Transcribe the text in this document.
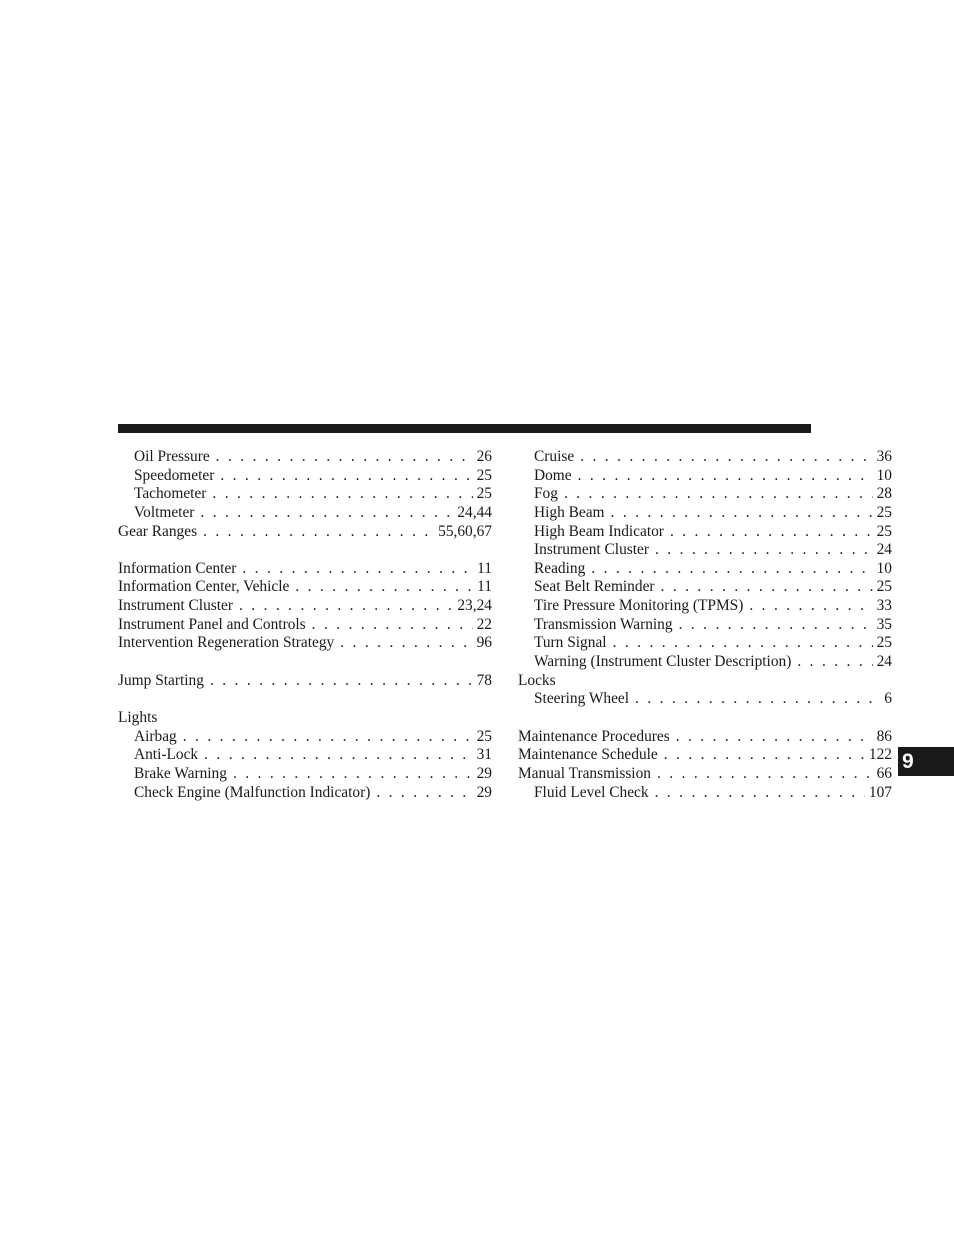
Oil Pressure . . .	26
Speedometer . . .	25
Tachometer . . .	25
Voltmeter . . .	24,44
Gear Ranges . . .	55,60,67
Information Center . . .	11
Information Center, Vehicle . . .	11
Instrument Cluster . . .	23,24
Instrument Panel and Controls . . .	22
Intervention Regeneration Strategy . . .	96
Jump Starting . . .	78
Lights
Airbag . . .	25
Anti-Lock . . .	31
Brake Warning . . .	29
Check Engine (Malfunction Indicator) . . .	29
Cruise . . .	36
Dome . . .	10
Fog . . .	28
High Beam . . .	25
High Beam Indicator . . .	25
Instrument Cluster . . .	24
Reading . . .	10
Seat Belt Reminder . . .	25
Tire Pressure Monitoring (TPMS) . . .	33
Transmission Warning . . .	35
Turn Signal . . .	25
Warning (Instrument Cluster Description) . . .	24
Locks
Steering Wheel . . .	6
Maintenance Procedures . . .	86
Maintenance Schedule . . .	122
Manual Transmission . . .	66
Fluid Level Check . . .	107
9
